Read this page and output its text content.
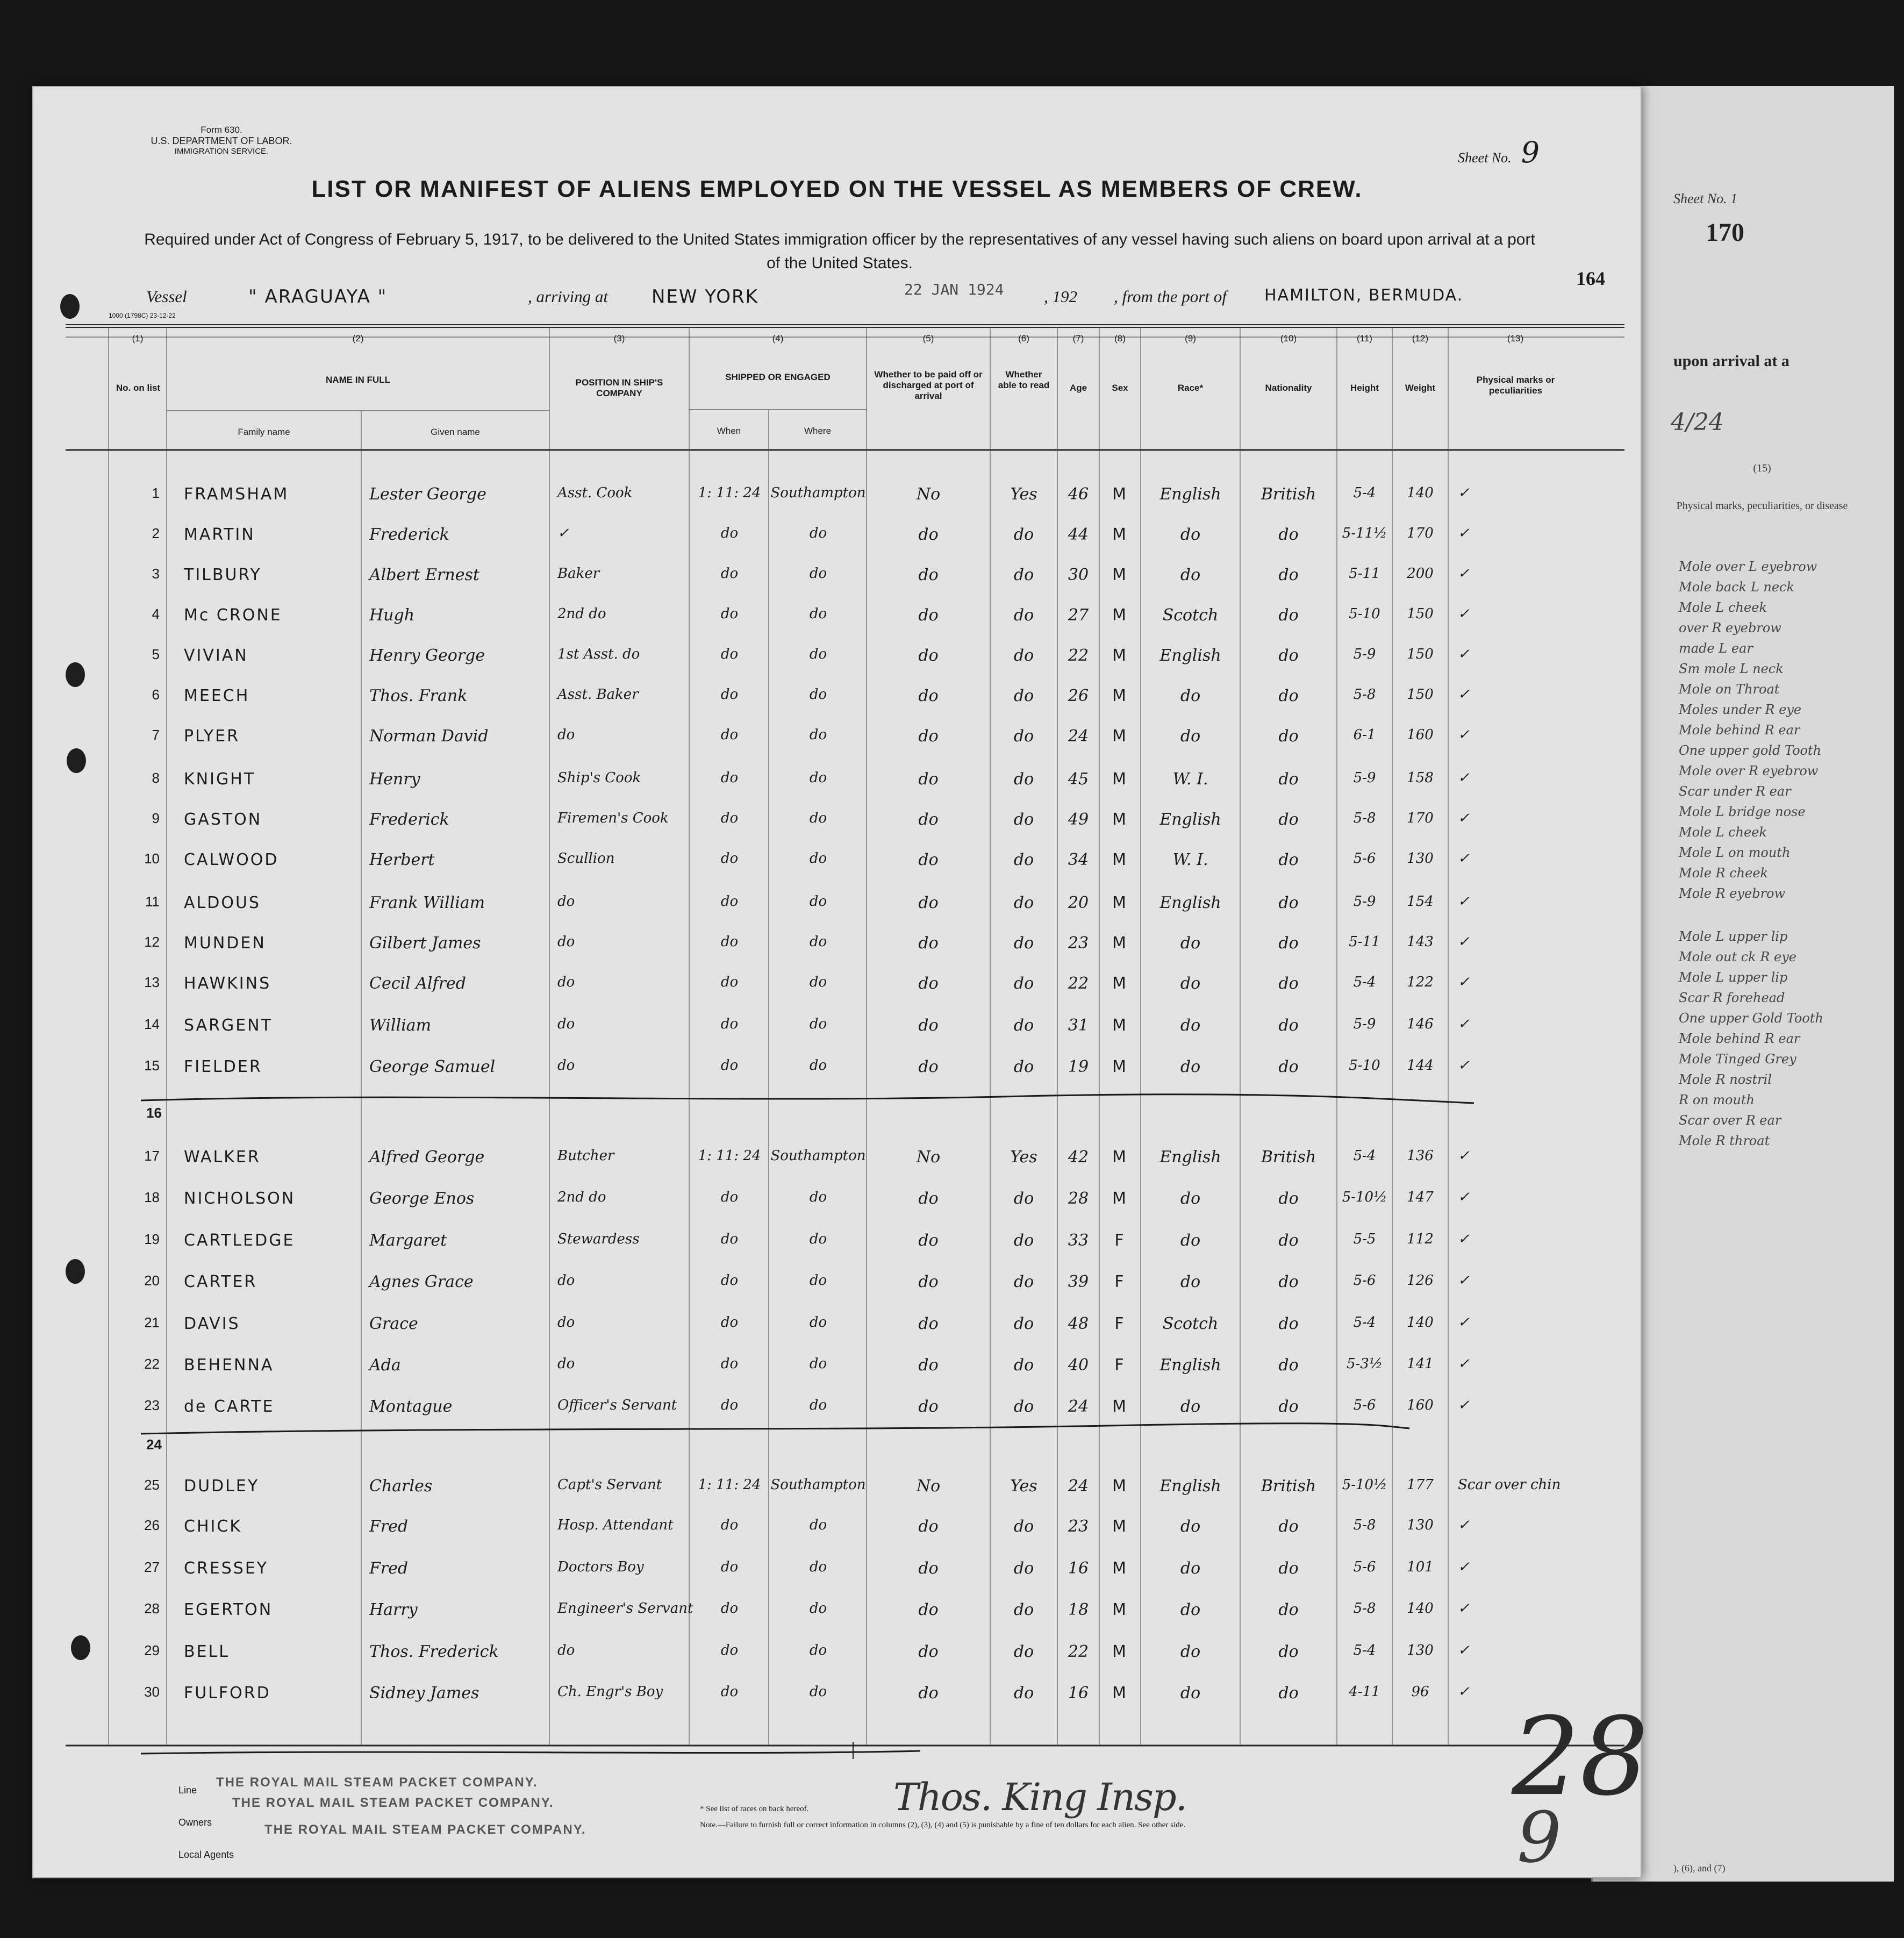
Sheet No. 1
170
upon arrival at a
4/24
(15)
Physical marks, peculiarities, or disease
Mole over L eyebrow
Mole back L neck
Mole L cheek
over R eyebrow
made L ear
Sm mole L neck
Mole on Throat
Moles under R eye
Mole behind R ear
One upper gold Tooth
Mole over R eyebrow
Scar under R ear
Mole L bridge nose
Mole L cheek
Mole L on mouth
Mole R cheek
Mole R eyebrow
Mole L upper lip
Mole out ck R eye
Mole L upper lip
Scar R forehead
One upper Gold Tooth
Mole behind R ear
Mole Tinged Grey
Mole R nostril
R on mouth
Scar over R ear
Mole R throat
), (6), and (7)
Form 630.
U.S. DEPARTMENT OF LABOR.
IMMIGRATION SERVICE.	Sheet No. 9
LIST OR MANIFEST OF ALIENS EMPLOYED ON THE VESSEL AS MEMBERS OF CREW.
Required under Act of Congress of February 5, 1917, to be delivered to the United States immigration officer by the representatives of any vessel having such aliens on board upon arrival at a port of the United States.
164
Vessel	" ARAGUAYA "	, arriving at NEW YORK	22 JAN 1924 , 192 , from the port of HAMILTON, BERMUDA.
1000 (1798C) 23-12-22
(1)	(2)	(3)	(4)	(5)	(6)	(7)	(8)	(9)	(10)	(11)	(12)	(13)
No. on list
NAME IN FULL
Family name	Given name
POSITION IN SHIP'S COMPANY
SHIPPED OR ENGAGED
When	Where
Whether to be paid off or discharged at port of arrival
Whether able to read	Age	Sex	Race*	Nationality	Height	Weight
Physical marks or peculiarities
1 FRAMSHAM	Lester George	Asst. Cook	1: 11: 24 Southampton	No	Yes	46	M	English	British	5-4	140	✓
2 MARTIN	Frederick	✓	do	do	do	do	44	M	do	do	5-11½	170	✓
3 TILBURY	Albert Ernest	Baker	do	do	do	do	30	M	do	do	5-11	200	✓
4 Mc CRONE	Hugh	2nd do	do	do	do	do	27	M	Scotch	do	5-10	150	✓
5 VIVIAN	Henry George	1st Asst. do	do	do	do	do	22	M	English	do	5-9	150	✓
6 MEECH	Thos. Frank	Asst. Baker	do	do	do	do	26	M	do	do	5-8	150	✓
7 PLYER	Norman David	do	do	do	do	do	24	M	do	do	6-1	160	✓
8 KNIGHT	Henry	Ship's Cook	do	do	do	do	45	M	W. I.	do	5-9	158	✓
9 GASTON	Frederick	Firemen's Cook	do	do	do	do	49	M	English	do	5-8	170	✓
10 CALWOOD	Herbert	Scullion	do	do	do	do	34	M	W. I.	do	5-6	130	✓
11 ALDOUS	Frank William	do	do	do	do	do	20	M	English	do	5-9	154	✓
12 MUNDEN	Gilbert James	do	do	do	do	do	23	M	do	do	5-11	143	✓
13 HAWKINS	Cecil Alfred	do	do	do	do	do	22	M	do	do	5-4	122	✓
14 SARGENT	William	do	do	do	do	do	31	M	do	do	5-9	146	✓
15 FIELDER	George Samuel	do	do	do	do	do	19	M	do	do	5-10	144	✓
17 WALKER	Alfred George	Butcher	1: 11: 24 Southampton	No	Yes	42	M	English	British	5-4	136	✓
18 NICHOLSON	George Enos	2nd do	do	do	do	do	28	M	do	do	5-10½	147	✓
19 CARTLEDGE	Margaret	Stewardess	do	do	do	do	33	F	do	do	5-5	112	✓
20 CARTER	Agnes Grace	do	do	do	do	do	39	F	do	do	5-6	126	✓
21 DAVIS	Grace	do	do	do	do	do	48	F	Scotch	do	5-4	140	✓
22 BEHENNA	Ada	do	do	do	do	do	40	F	English	do	5-3½	141	✓
23 de CARTE	Montague	Officer's Servant	do	do	do	do	24	M	do	do	5-6	160	✓
25 DUDLEY	Charles	Capt's Servant	1: 11: 24 Southampton	No	Yes	24	M	English	British	5-10½	177	Scar over chin
26 CHICK	Fred	Hosp. Attendant	do	do	do	do	23	M	do	do	5-8	130	✓
27 CRESSEY	Fred	Doctors Boy	do	do	do	do	16	M	do	do	5-6	101	✓
28 EGERTON	Harry	Engineer's Servant	do	do	do	do	18	M	do	do	5-8	140	✓
29 BELL	Thos. Frederick	do	do	do	do	do	22	M	do	do	5-4	130	✓
30 FULFORD	Sidney James	Ch. Engr's Boy	do	do	do	do	16	M	do	do	4-11	96	✓
16
24
Thos. King Insp.	28
9
Line
Owners
Local Agents
THE ROYAL MAIL STEAM PACKET COMPANY.
THE ROYAL MAIL STEAM PACKET COMPANY.
THE ROYAL MAIL STEAM PACKET COMPANY.
* See list of races on back hereof.
Note.—Failure to furnish full or correct information in columns (2), (3), (4) and (5) is punishable by a fine of ten dollars for each alien. See other side.
